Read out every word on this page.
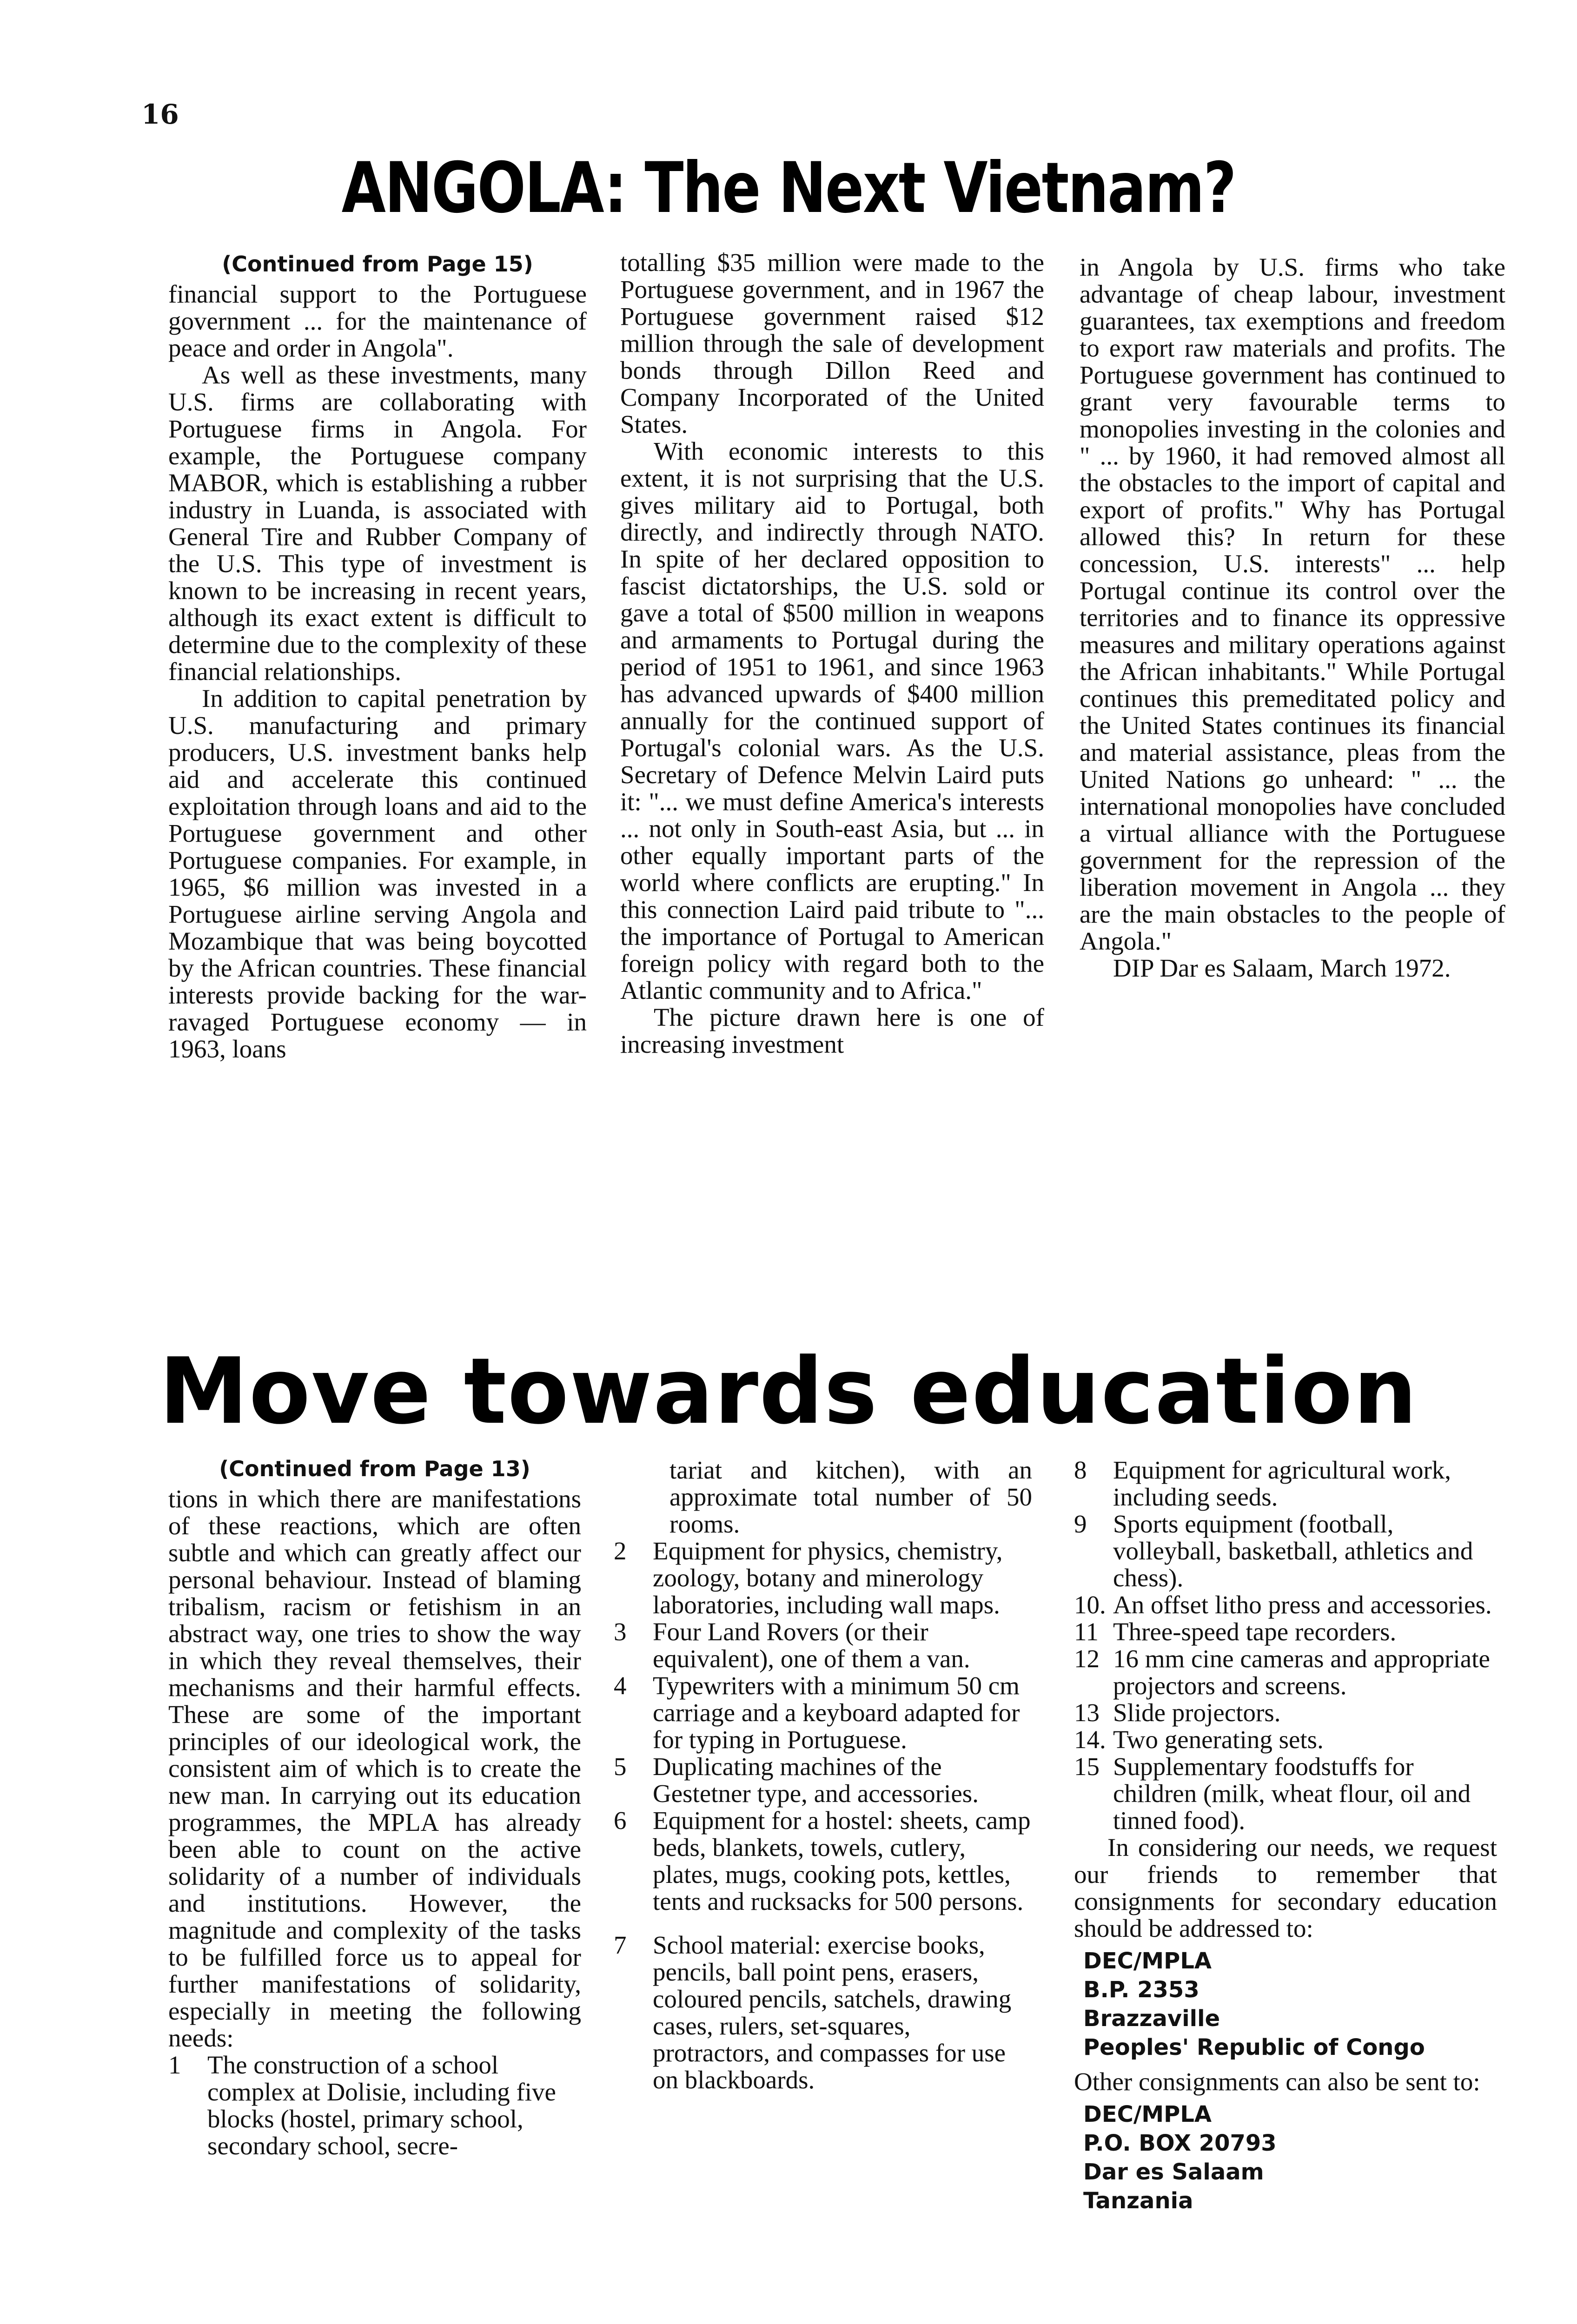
16
ANGOLA: The Next Vietnam?
(Continued from Page 15)

financial support to the Portuguese government ... for the maintenance of peace and order in Angola".

As well as these investments, many U.S. firms are collaborating with Portuguese firms in Angola. For example, the Portuguese company MABOR, which is establishing a rubber industry in Luanda, is associated with General Tire and Rubber Company of the U.S. This type of investment is known to be increasing in recent years, although its exact extent is difficult to determine due to the complexity of these financial relationships.

In addition to capital penetration by U.S. manufacturing and primary producers, U.S. investment banks help aid and accelerate this continued exploitation through loans and aid to the Portuguese government and other Portuguese companies. For example, in 1965, $6 million was invested in a Portuguese airline serving Angola and Mozambique that was being boycotted by the African countries. These financial interests provide backing for the war-ravaged Portuguese economy — in 1963, loans

totalling $35 million were made to the Portuguese government, and in 1967 the Portuguese government raised $12 million through the sale of development bonds through Dillon Reed and Company Incorporated of the United States.

With economic interests to this extent, it is not surprising that the U.S. gives military aid to Portugal, both directly, and indirectly through NATO. In spite of her declared opposition to fascist dictatorships, the U.S. sold or gave a total of $500 million in weapons and armaments to Portugal during the period of 1951 to 1961, and since 1963 has advanced upwards of $400 million annually for the continued support of Portugal's colonial wars. As the U.S. Secretary of Defence Melvin Laird puts it: "... we must define America's interests ... not only in South-east Asia, but ... in other equally important parts of the world where conflicts are erupting." In this connection Laird paid tribute to "... the importance of Portugal to American foreign policy with regard both to the Atlantic community and to Africa."

The picture drawn here is one of increasing investment

in Angola by U.S. firms who take advantage of cheap labour, investment guarantees, tax exemptions and freedom to export raw materials and profits. The Portuguese government has continued to grant very favourable terms to monopolies investing in the colonies and " ... by 1960, it had removed almost all the obstacles to the import of capital and export of profits." Why has Portugal allowed this? In return for these concession, U.S. interests" ... help Portugal continue its control over the territories and to finance its oppressive measures and military operations against the African inhabitants." While Portugal continues this premeditated policy and the United States continues its financial and material assistance, pleas from the United Nations go unheard: " ... the international monopolies have concluded a virtual alliance with the Portuguese government for the repression of the liberation movement in Angola ... they are the main obstacles to the people of Angola."

DIP Dar es Salaam, March 1972.

Move towards education
(Continued from Page 13)

tions in which there are manifestations of these reactions, which are often subtle and which can greatly affect our personal behaviour. Instead of blaming tribalism, racism or fetishism in an abstract way, one tries to show the way in which they reveal themselves, their mechanisms and their harmful effects. These are some of the important principles of our ideological work, the consistent aim of which is to create the new man. In carrying out its education programmes, the MPLA has already been able to count on the active solidarity of a number of individuals and institutions. However, the magnitude and complexity of the tasks to be fulfilled force us to appeal for further manifestations of solidarity, especially in meeting the following needs:

1 The construction of a school complex at Dolisie, including five blocks (hostel, primary school, secondary school, secre-

tariat and kitchen), with an approximate total number of 50 rooms.

2 Equipment for physics, chemistry, zoology, botany and minerology laboratories, including wall maps.
3 Four Land Rovers (or their equivalent), one of them a van.
4 Typewriters with a minimum 50 cm carriage and a keyboard adapted for for typing in Portuguese.
5 Duplicating machines of the Gestetner type, and accessories.
6 Equipment for a hostel: sheets, camp beds, blankets, towels, cutlery, plates, mugs, cooking pots, kettles, tents and rucksacks for 500 persons.
7 School material: exercise books, pencils, ball point pens, erasers, coloured pencils, satchels, drawing cases, rulers, set-squares, protractors, and compasses for use on blackboards.
8 Equipment for agricultural work, including seeds.
9 Sports equipment (football, volleyball, basketball, athletics and chess).
10. An offset litho press and accessories.
11 Three-speed tape recorders.
12 16 mm cine cameras and appropriate projectors and screens.
13 Slide projectors.
14. Two generating sets.
15 Supplementary foodstuffs for children (milk, wheat flour, oil and tinned food).

In considering our needs, we request our friends to remember that consignments for secondary education should be addressed to:

DEC/MPLA
B.P. 2353
Brazzaville
Peoples' Republic of Congo

Other consignments can also be sent to:

DEC/MPLA
P.O. BOX 20793
Dar es Salaam
Tanzania
